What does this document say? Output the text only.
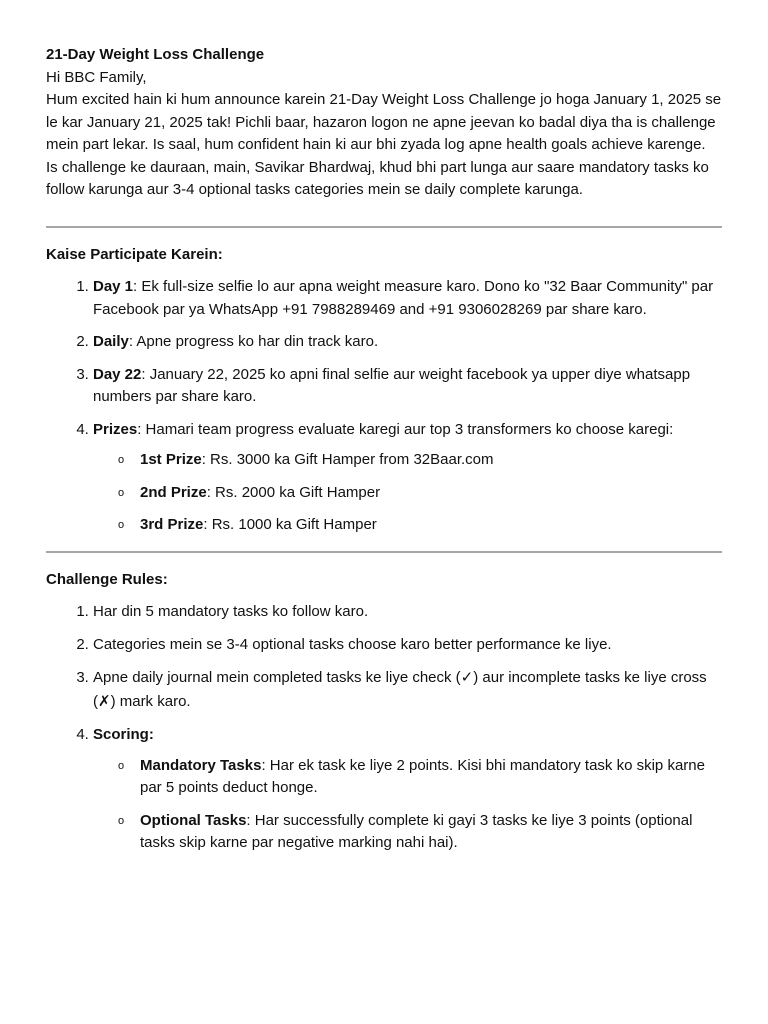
21-Day Weight Loss Challenge

Hi BBC Family,

Hum excited hain ki hum announce karein 21-Day Weight Loss Challenge jo hoga January 1, 2025 se le kar January 21, 2025 tak! Pichli baar, hazaron logon ne apne jeevan ko badal diya tha is challenge mein part lekar. Is saal, hum confident hain ki aur bhi zyada log apne health goals achieve karenge.

Is challenge ke dauraan, main, Savikar Bhardwaj, khud bhi part lunga aur saare mandatory tasks ko follow karunga aur 3-4 optional tasks categories mein se daily complete karunga.

Kaise Participate Karein:

1. Day 1: Ek full-size selfie lo aur apna weight measure karo. Dono ko "32 Baar Community" par Facebook par ya WhatsApp +91 7988289469 and +91 9306028269 par share karo.
2. Daily: Apne progress ko har din track karo.
3. Day 22: January 22, 2025 ko apni final selfie aur weight facebook ya upper diye whatsapp numbers par share karo.
4. Prizes: Hamari team progress evaluate karegi aur top 3 transformers ko choose karegi:
o 1st Prize: Rs. 3000 ka Gift Hamper from 32Baar.com
o 2nd Prize: Rs. 2000 ka Gift Hamper
o 3rd Prize: Rs. 1000 ka Gift Hamper

Challenge Rules:

1. Har din 5 mandatory tasks ko follow karo.
2. Categories mein se 3-4 optional tasks choose karo better performance ke liye.
3. Apne daily journal mein completed tasks ke liye check (✓) aur incomplete tasks ke liye cross (✗) mark karo.
4. Scoring:
o Mandatory Tasks: Har ek task ke liye 2 points. Kisi bhi mandatory task ko skip karne par 5 points deduct honge.
o Optional Tasks: Har successfully complete ki gayi 3 tasks ke liye 3 points (optional tasks skip karne par negative marking nahi hai).
